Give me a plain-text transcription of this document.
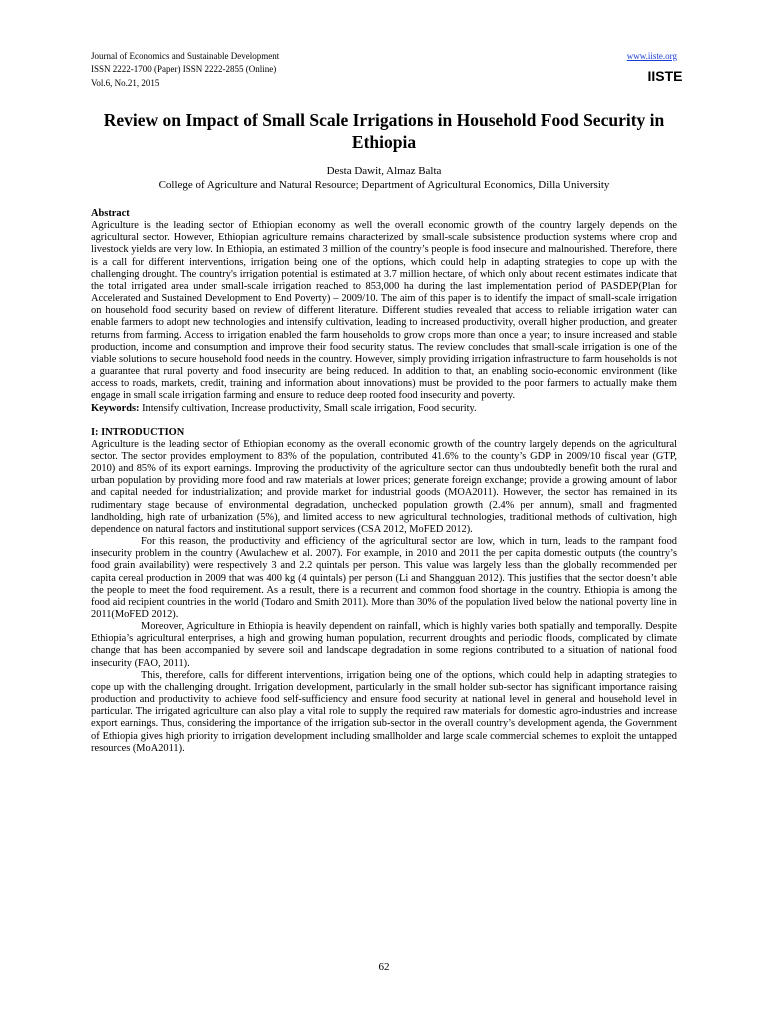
Journal of Economics and Sustainable Development
ISSN 2222-1700 (Paper) ISSN 2222-2855 (Online)
Vol.6, No.21, 2015
www.iiste.org
IISTE
Review on Impact of Small Scale Irrigations in Household Food Security in Ethiopia
Desta Dawit, Almaz Balta
College of Agriculture and Natural Resource; Department of Agricultural Economics, Dilla University

Abstract

Agriculture is the leading sector of Ethiopian economy as well the overall economic growth of the country largely depends on the agricultural sector. However, Ethiopian agriculture remains characterized by small-scale subsistence production systems where crop and livestock yields are very low. In Ethiopia, an estimated 3 million of the country’s people is food insecure and malnourished. Therefore, there is a call for different interventions, irrigation being one of the options, which could help in adapting strategies to cope up with the challenging drought. The country's irrigation potential is estimated at 3.7 million hectare, of which only about recent estimates indicate that the total irrigated area under small-scale irrigation reached to 853,000 ha during the last implementation period of PASDEP(Plan for Accelerated and Sustained Development to End Poverty) – 2009/10. The aim of this paper is to identify the impact of small-scale irrigation on household food security based on review of different literature. Different studies revealed that access to reliable irrigation water can enable farmers to adopt new technologies and intensify cultivation, leading to increased productivity, overall higher production, and greater returns from farming. Access to irrigation enabled the farm households to grow crops more than once a year; to insure increased and stable production, income and consumption and improve their food security status. The review concludes that small-scale irrigation is one of the viable solutions to secure household food needs in the country. However, simply providing irrigation infrastructure to farm households is not a guarantee that rural poverty and food insecurity are being reduced. In addition to that, an enabling socio-economic environment (like access to roads, markets, credit, training and information about innovations) must be provided to the poor farmers to actually make them engage in small scale irrigation farming and ensure to reduce deep rooted food insecurity and poverty.

Keywords: Intensify cultivation, Increase productivity, Small scale irrigation, Food security.

I: INTRODUCTION

Agriculture is the leading sector of Ethiopian economy as the overall economic growth of the country largely depends on the agricultural sector. The sector provides employment to 83% of the population, contributed 41.6% to the county’s GDP in 2009/10 fiscal year (GTP, 2010) and 85% of its export earnings. Improving the productivity of the agriculture sector can thus undoubtedly benefit both the rural and urban population by providing more food and raw materials at lower prices; generate foreign exchange; provide a growing amount of labor and capital needed for industrialization; and provide market for industrial goods (MOA2011). However, the sector has remained in its rudimentary stage because of environmental degradation, unchecked population growth (2.4% per annum), small and fragmented landholding, high rate of urbanization (5%), and limited access to new agricultural technologies, traditional methods of cultivation, high dependence on natural factors and institutional support services (CSA 2012, MoFED 2012).

For this reason, the productivity and efficiency of the agricultural sector are low, which in turn, leads to the rampant food insecurity problem in the country (Awulachew et al. 2007). For example, in 2010 and 2011 the per capita domestic outputs (the country’s food grain availability) were respectively 3 and 2.2 quintals per person. This value was largely less than the globally recommended per capita cereal production in 2009 that was 400 kg (4 quintals) per person (Li and Shangguan 2012). This justifies that the sector doesn’t able the people to meet the food requirement. As a result, there is a recurrent and common food shortage in the country. Ethiopia is among the food aid recipient countries in the world (Todaro and Smith 2011). More than 30% of the population lived below the national poverty line in 2011(MoFED 2012).

Moreover, Agriculture in Ethiopia is heavily dependent on rainfall, which is highly varies both spatially and temporally. Despite Ethiopia’s agricultural enterprises, a high and growing human population, recurrent droughts and periodic floods, complicated by climate change that has been accompanied by severe soil and landscape degradation in some regions contributed to a situation of national food insecurity (FAO, 2011).

This, therefore, calls for different interventions, irrigation being one of the options, which could help in adapting strategies to cope up with the challenging drought. Irrigation development, particularly in the small holder sub-sector has significant importance raising production and productivity to achieve food self-sufficiency and ensure food security at national level in general and household level in particular. The irrigated agriculture can also play a vital role to supply the required raw materials for domestic agro-industries and increase export earnings. Thus, considering the importance of the irrigation sub-sector in the overall country’s development agenda, the Government of Ethiopia gives high priority to irrigation development including smallholder and large scale commercial schemes to exploit the untapped resources (MoA2011).

62
